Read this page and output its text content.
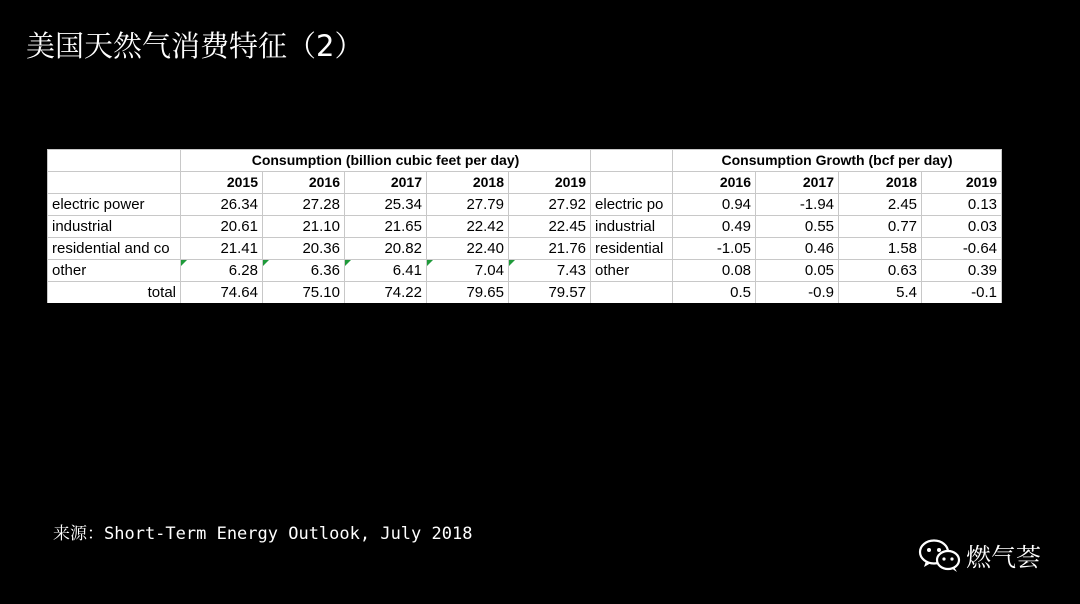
美国天然气消费特征（2）
	Consumption (billion cubic feet per day)						Consumption Growth (bcf per day)			
	2015	2016	2017	2018	2019		2016	2017	2018	2019
electric power	26.34	27.28	25.34	27.79	27.92	electric po	0.94	-1.94	2.45	0.13
industrial	20.61	21.10	21.65	22.42	22.45	industrial	0.49	0.55	0.77	0.03
residential and co	21.41	20.36	20.82	22.40	21.76	residential	-1.05	0.46	1.58	-0.64
other	6.28	6.36	6.41	7.04	7.43	other	0.08	0.05	0.63	0.39
total	74.64	75.10	74.22	79.65	79.57		0.5	-0.9	5.4	-0.1
来源：Short-Term Energy Outlook, July 2018
燃气荟
